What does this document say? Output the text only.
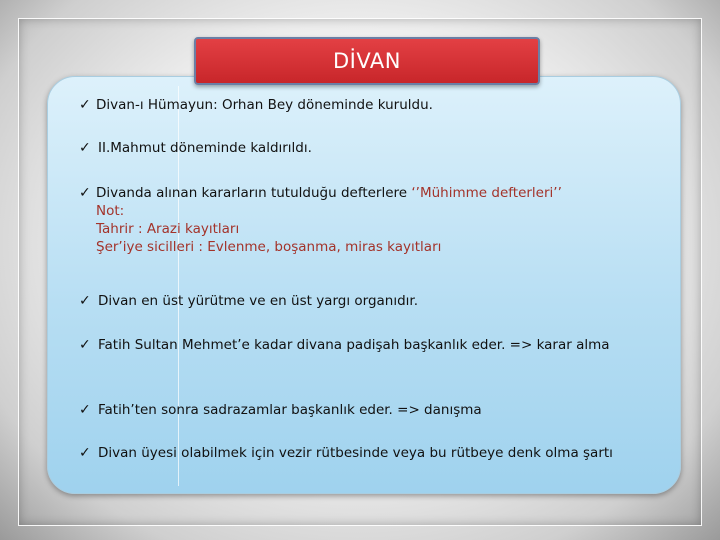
DİVAN
✓ Divan-ı Hümayun: Orhan Bey döneminde kuruldu.
✓ II.Mahmut döneminde kaldırıldı.
✓ Divanda alınan kararların tutulduğu defterlere ‘’Mühimme defterleri’’
Not:
Tahrir : Arazi kayıtları
Şer’iye sicilleri : Evlenme, boşanma, miras kayıtları
✓ Divan en üst yürütme ve en üst yargı organıdır.
✓ Fatih Sultan Mehmet’e kadar divana padişah başkanlık eder. => karar alma
✓ Fatih’ten sonra sadrazamlar başkanlık eder. => danışma
✓ Divan üyesi olabilmek için vezir rütbesinde veya bu rütbeye denk olma şartı
